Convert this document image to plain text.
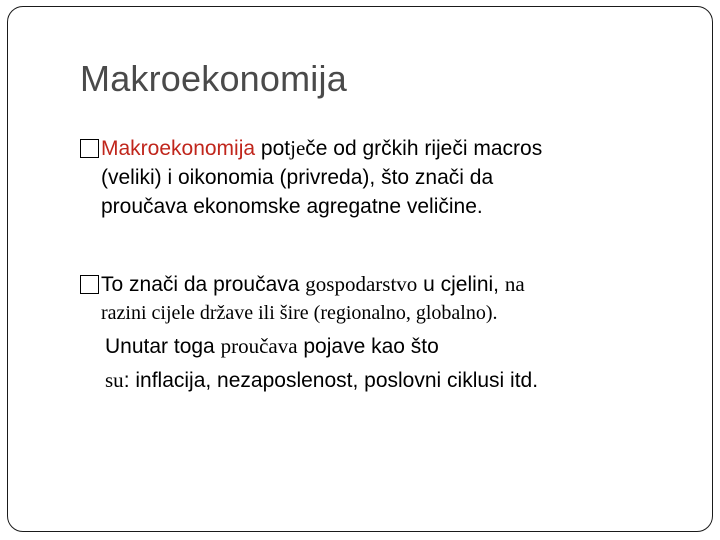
Makroekonomija
Makroekonomija potječe od grčkih riječi macros
(veliki) i oikonomia (privreda), što znači da
proučava ekonomske agregatne veličine.
To znači da proučava gospodarstvo u cjelini, na
razini cijele države ili šire (regionalno, globalno).
Unutar toga proučava pojave kao što
su: inflacija, nezaposlenost, poslovni ciklusi itd.
